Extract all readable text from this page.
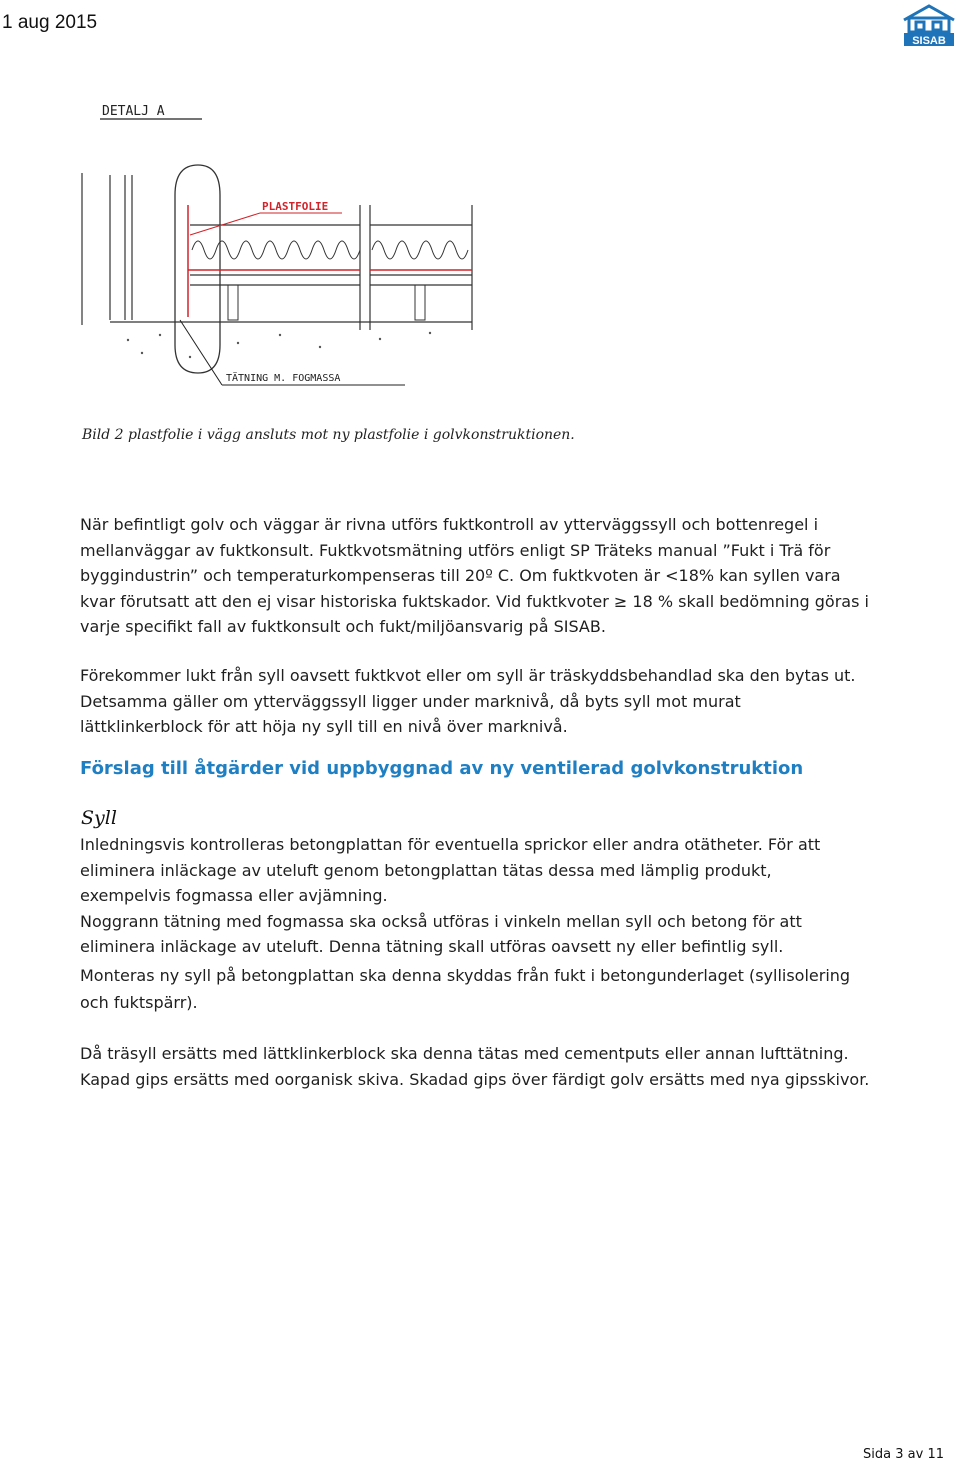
1 aug 2015
SISAB
DETALJ A
PLASTFOLIE
TÄTNING M. FOGMASSA
Bild 2 plastfolie i vägg ansluts mot ny plastfolie i golvkonstruktionen.

När befintligt golv och väggar är rivna utförs fuktkontroll av ytterväggssyll och bottenregel i

mellanväggar av fuktkonsult. Fuktkvotsmätning utförs enligt SP Träteks manual ”Fukt i Trä för

byggindustrin” och temperaturkompenseras till 20º C. Om fuktkvoten är <18% kan syllen vara

kvar förutsatt att den ej visar historiska fuktskador. Vid fuktkvoter ≥ 18 % skall bedömning göras i

varje specifikt fall av fuktkonsult och fukt/miljöansvarig på SISAB.

Förekommer lukt från syll oavsett fuktkvot eller om syll är träskyddsbehandlad ska den bytas ut.

Detsamma gäller om ytterväggssyll ligger under marknivå, då byts syll mot murat

lättklinkerblock för att höja ny syll till en nivå över marknivå.

Förslag till åtgärder vid uppbyggnad av ny ventilerad golvkonstruktion
Syll

Inledningsvis kontrolleras betongplattan för eventuella sprickor eller andra otätheter. För att

eliminera inläckage av uteluft genom betongplattan tätas dessa med lämplig produkt,

exempelvis fogmassa eller avjämning.

Noggrann tätning med fogmassa ska också utföras i vinkeln mellan syll och betong för att

eliminera inläckage av uteluft. Denna tätning skall utföras oavsett ny eller befintlig syll.

Monteras ny syll på betongplattan ska denna skyddas från fukt i betongunderlaget (syllisolering

och fuktspärr).

Då träsyll ersätts med lättklinkerblock ska denna tätas med cementputs eller annan lufttätning.

Kapad gips ersätts med oorganisk skiva. Skadad gips över färdigt golv ersätts med nya gipsskivor.

Sida 3 av 11
